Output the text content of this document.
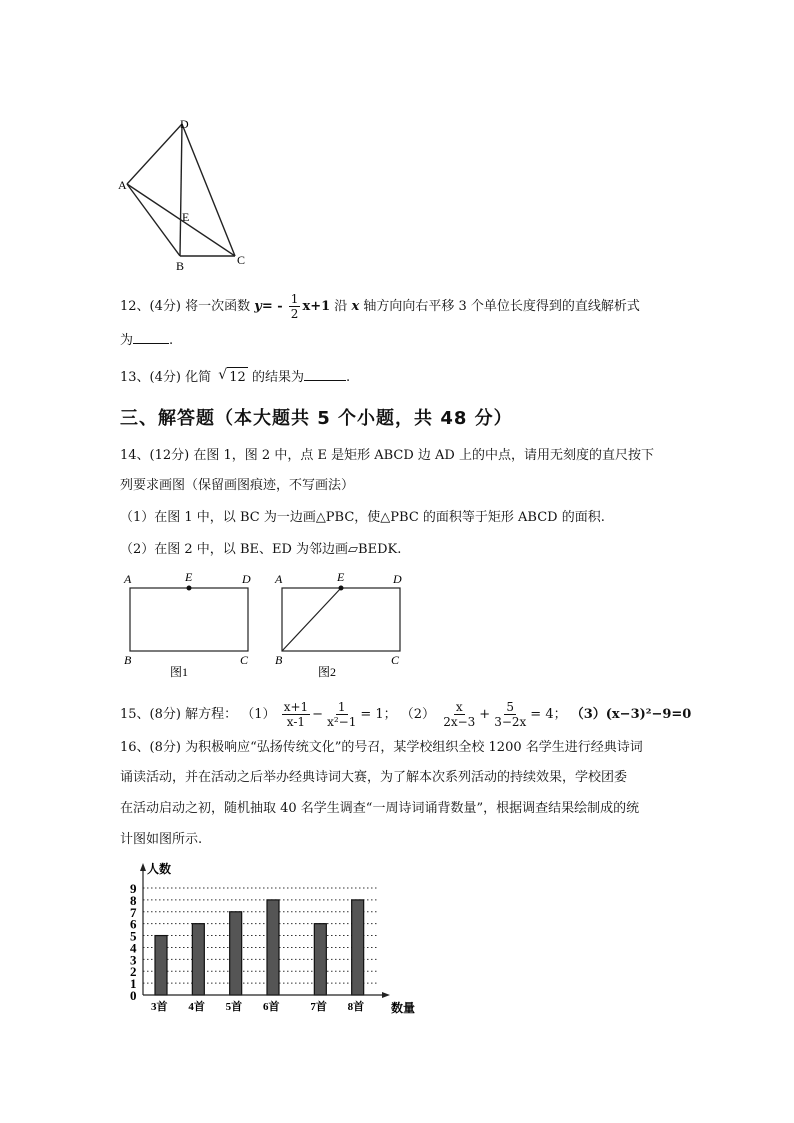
D
A
E
B	C
12、(4分) 将一次函数 $y= - \frac{1}{2} x+1$ 沿 x 轴方向向右平移 3 个单位长度得到的直线解析式
为	.
13、(4分) 化简 √ 12 的结果为	.
三、解答题（本大题共 5 个小题，共 48 分）
14、(12分) 在图 1，图 2 中，点 E 是矩形 ABCD 边 AD 上的中点，请用无刻度的直尺按下
列要求画图（保留画图痕迹，不写画法）
（1）在图 1 中，以 BC 为一边画△PBC，使△PBC 的面积等于矩形 ABCD 的面积.
（2）在图 2 中，以 BE、ED 为邻边画▱BEDK.
A	E	D
B	C
A	E	D
B	C
图1	图2
15、(8分) 解方程： $(1) \frac{x+1}{x-1} - \frac{1}{\text{x²−1}} = 1$； $(2) \frac{x}{2x-3} + \frac{5}{3-2x} = 4$； （3）(x−3)²−9=0
16、(8分) 为积极响应“弘扬传统文化”的号召，某学校组织全校 1200 名学生进行经典诗词
诵读活动，并在活动之后举办经典诗词大赛，为了解本次系列活动的持续效果，学校团委
在活动启动之初，随机抽取 40 名学生调查“一周诗词诵背数量”，根据调查结果绘制成的统
计图如图所示.
0
1
2
3
4
5
6
7
8
9
3首 4首 5首 6首	7首 8首
人数
数量
